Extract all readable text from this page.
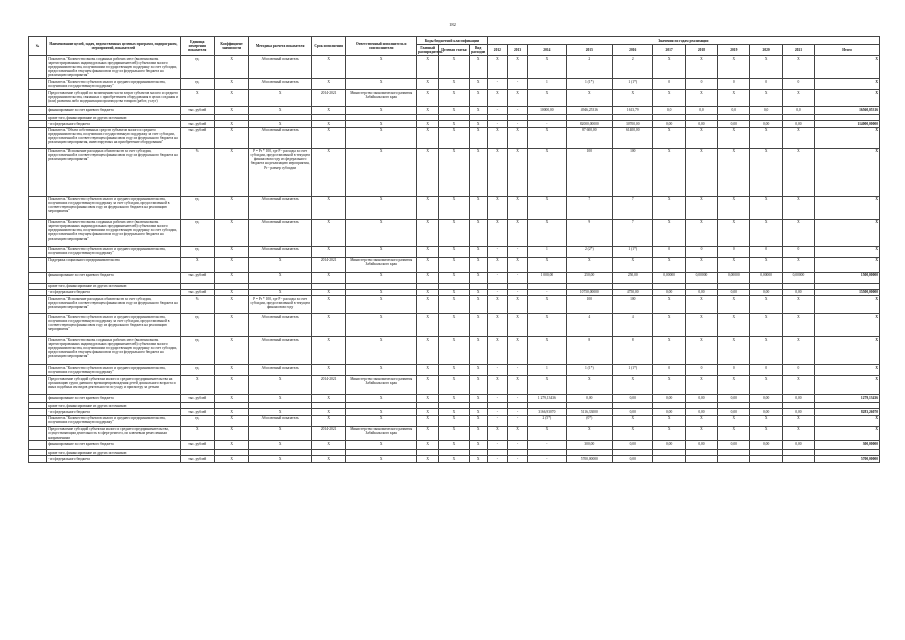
182
№	Наименование целей, задач, ведомственных целевых программ, подпрограмм, мероприятий, показателей	Единица измерения показателя	Коэффициент значимости	Методика расчета показателя	Срок исполнения	Ответственный исполнитель и соисполнители	Коды бюджетной классификации			Значения по годам реализации										
							Главный распорядитель	Целевая статья	Вид расходов	2012	2013	2014	2015	2016	2017	2018	2019	2020	2021	Итого
	Показатель "Количество вновь созданных рабочих мест (включая вновь зарегистрированных индивидуальных предпринимателей) субъектами малого предпринимательства, получившими государственную поддержку за счет субсидии, предоставленной в текущем финансовом году из федерального бюджета на реализацию мероприятия"	ед.	X	Абсолютный показатель	X	X	X	X	X	X	X	X	2	2	X	X	X	X	X	X
	Показатель "Количество субъектов малого и среднего предпринимательства, получивших государственную поддержку"	ед.	X	Абсолютный показатель	X	X	X	X	X	-	-	1	1 (1*)	1 (1*)	0	0	0	0	0	X
	Предоставление субсидий по возмещению части затрат субъектов малого и среднего предпринимательства, связанных с приобретением оборудования в целях создания и (или) развития либо модернизации производства товаров (работ, услуг)	X	X	X	2014-2021	Министерство экономического развития Забайкальского края	X	X	X	X	X	X	X	X	X	X	X	X	X	X
	финансирование за счет краевого бюджета	тыс. рублей	X	X	X	X	X	X	X	-	-	10000,00	4946,25316	1613,79	0,0	0,0	0,0	0,0	0,0	16560,05316
	кроме того, финансирование из других источников:																			
	- из федерального бюджета	тыс. рублей	X	X	X	X	X	X	X	-	-	-	82000,00000	30700,00	0,00	0,00	0,00	0,00	0,00	114000,00000
	Показатель "Объем собственных средств субъектов малого и среднего предпринимательства, получивших государственную поддержку за счет субсидии, предоставленной в соответствующем финансовом году из федерального бюджета на реализацию мероприятия, инвестируемых на приобретение оборудования"	тыс. рублей	X	Абсолютный показатель	X	X	X	X	X	X	X	X	87 600,00	61400,00	X	X	X	X	X	X
	Показатель "Исполнение расходных обязательств за счет субсидии, предоставленной в соответствующем финансовом году из федерального бюджета на реализацию мероприятия"	%	X	P = Pr * 100, где P - расходы за счет субсидии, предоставленной в текущем финансовом году из федерального бюджета на реализацию мероприятия, Pr - размер субсидии	X	X	X	X	X	X	X	X	100	100	X	X	X	X	X	X
	Показатель "Количество субъектов малого и среднего предпринимательства, получивших государственную поддержку за счет субсидии, предоставленной в соответствующем финансовом году из федерального бюджета на реализацию мероприятия"	ед.	X	Абсолютный показатель	X	X	X	X	X	X	X	X	7	7	X	X	X	X	X	X
	Показатель "Количество вновь созданных рабочих мест (включая вновь зарегистрированных индивидуальных предпринимателей) субъектами малого предпринимательства, получившими государственную поддержку за счет субсидии, предоставленной в текущем финансовом году из федерального бюджета на реализацию мероприятия"	ед.	X	Абсолютный показатель	X	X	X	X	X	X	X	X	9	7	X	X	X	X	X	X
	Показатель "Количество субъектов малого и среднего предпринимательства, получивших государственную поддержку"	ед.	X	Абсолютный показатель	X	X	X	X	X	-	-	1	2 (2*)	1 (1*)	0	0	0	0	0	X
	Поддержка социального предпринимательства	X	X	X	2014-2021	Министерство экономического развития Забайкальского края	X	X	X	X	X	X	X	X	X	X	X	X	X	X
	финансирование за счет краевого бюджета	тыс. рублей	X	X	X	X	X	X	X	-	-	1 000,00	250,00	250,00	0,00000	0,00000	0,00000	0,00000	0,00000	1500,00000
	кроме того, финансирование из других источников:																			
	- из федерального бюджета	тыс. рублей	X	X	X	X	X	X	X	-	-	-	10750,00000	4750,00	0,00	0,00	0,00	0,00	0,00	15500,00000
	Показатель "Исполнение расходных обязательств за счет субсидии, предоставленной в соответствующем финансовом году из федерального бюджета на реализацию мероприятия"	%	X	P = Pr * 100, где P - расходы за счет субсидии, предоставленной в текущем финансовом году	X	X	X	X	X	X	X	X	100	100	X	X	X	X	X	X
	Показатель "Количество субъектов малого и среднего предпринимательства, получивших государственную поддержку за счет субсидии, предоставленной в соответствующем финансовом году из федерального бюджета на реализацию мероприятия"	ед.	X	Абсолютный показатель	X	X	X	X	X	X	X	X	4	4	X	X	X	X	X	X
	Показатель "Количество вновь созданных рабочих мест (включая вновь зарегистрированных индивидуальных предпринимателей) субъектами малого предпринимательства, получившими государственную поддержку за счет субсидии, предоставленной в текущем финансовом году из федерального бюджета на реализацию мероприятия"	ед.	X	Абсолютный показатель	X	X	X	X	X	X	X	X	8	8	X	X	X	X	X	X
	Показатель "Количество субъектов малого и среднего предпринимательства, получивших государственную поддержку"	ед.	X	Абсолютный показатель	X	X	X	X	X	-	-	1	1 (1*)	1 (1*)	0	0	0	0	0	X
	Предоставление субсидий субъектам малого и среднего предпринимательства на организацию групп дневного времяпрепровождения детей дошкольного возраста и иных подобных им видов деятельности по уходу и присмотру за детьми	X	X	X	2014-2021	Министерство экономического развития Забайкальского края	X	X	X	X	X	X	X	X	X	X	X	X	X	X
	финансирование за счет краевого бюджета	тыс. рублей	X	X	X	X	X	X	X	-	-	1 279,13436	0,00	0,00	0,00	0,00	0,00	0,00	0,00	1279,13436
	кроме того, финансирование из других источников:																			
	- из федерального бюджета	тыс. рублей	X	X	X	X	X	X	X	-	-	3166,93070	5116,33000	0,00	0,00	0,00	0,00	0,00	0,00	8283,26070
	Показатель "Количество субъектов малого и среднего предпринимательства, получивших государственную поддержку"	ед.	X	Абсолютный показатель	X	X	X	X	X	-	-	2 (5*)	(0*)	X	X	X	X	X	X	X
	Предоставление субсидий субъектам малого и среднего предпринимательства, осуществляющим деятельность в сфере ремесел, по ключевым ремесленным направлениям	X	X	X	2014-2021	Министерство экономического развития Забайкальского края	X	X	X	X	X	X	X	X	X	X	X	X	X	X
	финансирование за счет краевого бюджета	тыс. рублей	X	X	X	X	X	X	X	-	-	-	300,00	0,00	0,00	0,00	0,00	0,00	0,00	300,00000
	кроме того, финансирование из других источников:																			
	- из федерального бюджета	тыс. рублей	X	X	X	X	X	X	X	-	-	-	5700,00000	0,00						5700,00000
